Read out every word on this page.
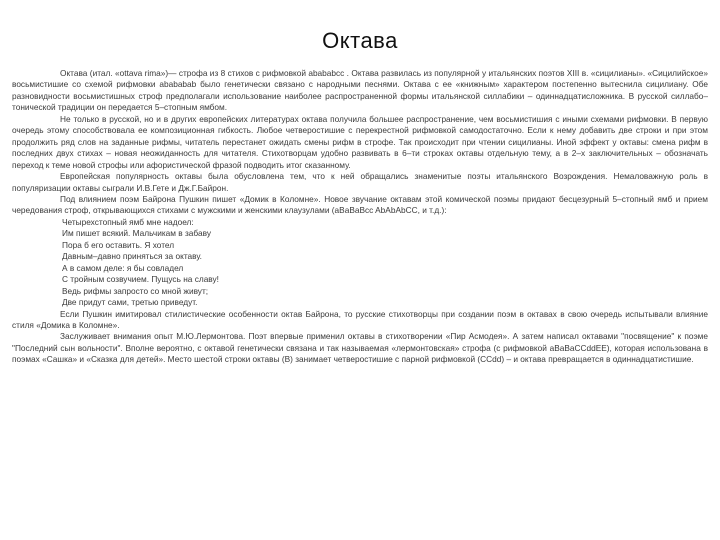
Октава

Октава (итал. «ottava rima»)— строфа из 8 стихов с рифмовкой abababcc . Октава развилась из популярной у итальянских поэтов XIII в. «сицилианы». «Сицилийское» восьмистишие со схемой рифмовки abababab было генетически связано с народными песнями. Октава с ее «книжным» характером постепенно вытеснила сицилиану. Обе разновидности восьмистишных строф предполагали использование наиболее распространенной формы итальянской силлабики – одиннадцатисложника. В русской силлабо–тонической традиции он передается 5–стопным ямбом.

Не только в русской, но и в других европейских литературах октава получила большее распространение, чем восьмистишия с иными схемами рифмовки. В первую очередь этому способствовала ее композиционная гибкость. Любое четверостишие с перекрестной рифмовкой самодостаточно. Если к нему добавить две строки и при этом продолжить ряд слов на заданные рифмы, читатель перестанет ожидать смены рифм в строфе. Так происходит при чтении сицилианы. Иной эффект у октавы: смена рифм в последних двух стихах – новая неожиданность для читателя. Стихотворцам удобно развивать в 6–ти строках октавы отдельную тему, а в 2–х заключительных – обозначать переход к теме новой строфы или афористической фразой подводить итог сказанному.

Европейская популярность октавы была обусловлена тем, что к ней обращались знаменитые поэты итальянского Возрождения. Немаловажную роль в популяризации октавы сыграли И.В.Гете и Дж.Г.Байрон.

Под влиянием поэм Байрона Пушкин пишет «Домик в Коломне». Новое звучание октавам этой комической поэмы придают бесцезурный 5–стопный ямб и прием чередования строф, открывающихся стихами с мужскими и женскими клаузулами (aBaBaBcc AbAbAbCC, и т.д.):

Четырехстопный ямб мне надоел:

Им пишет всякий. Мальчикам в забаву

Пора б его оставить. Я хотел

Давным–давно приняться за октаву.

А в самом деле: я бы совладел

С тройным созвучием. Пущусь на славу!

Ведь рифмы запросто со мной живут;

Две придут сами, третью приведут.

Если Пушкин имитировал стилистические особенности октав Байрона, то русские стихотворцы при создании поэм в октавах в свою очередь испытывали влияние стиля «Домика в Коломне».

Заслуживает внимания опыт М.Ю.Лермонтова. Поэт впервые применил октавы в стихотворении «Пир Асмодея». А затем написал октавами "посвящение" к поэме "Последний сын вольности". Вполне вероятно, с октавой генетически связана и так называемая «лермонтовская» строфа (с рифмовкой aBaBaCCddEE), которая использована в поэмах «Сашка» и «Сказка для детей». Место шестой строки октавы (B) занимает четверостишие с парной рифмовкой (CCdd) – и октава превращается в одиннадцатистишие.
